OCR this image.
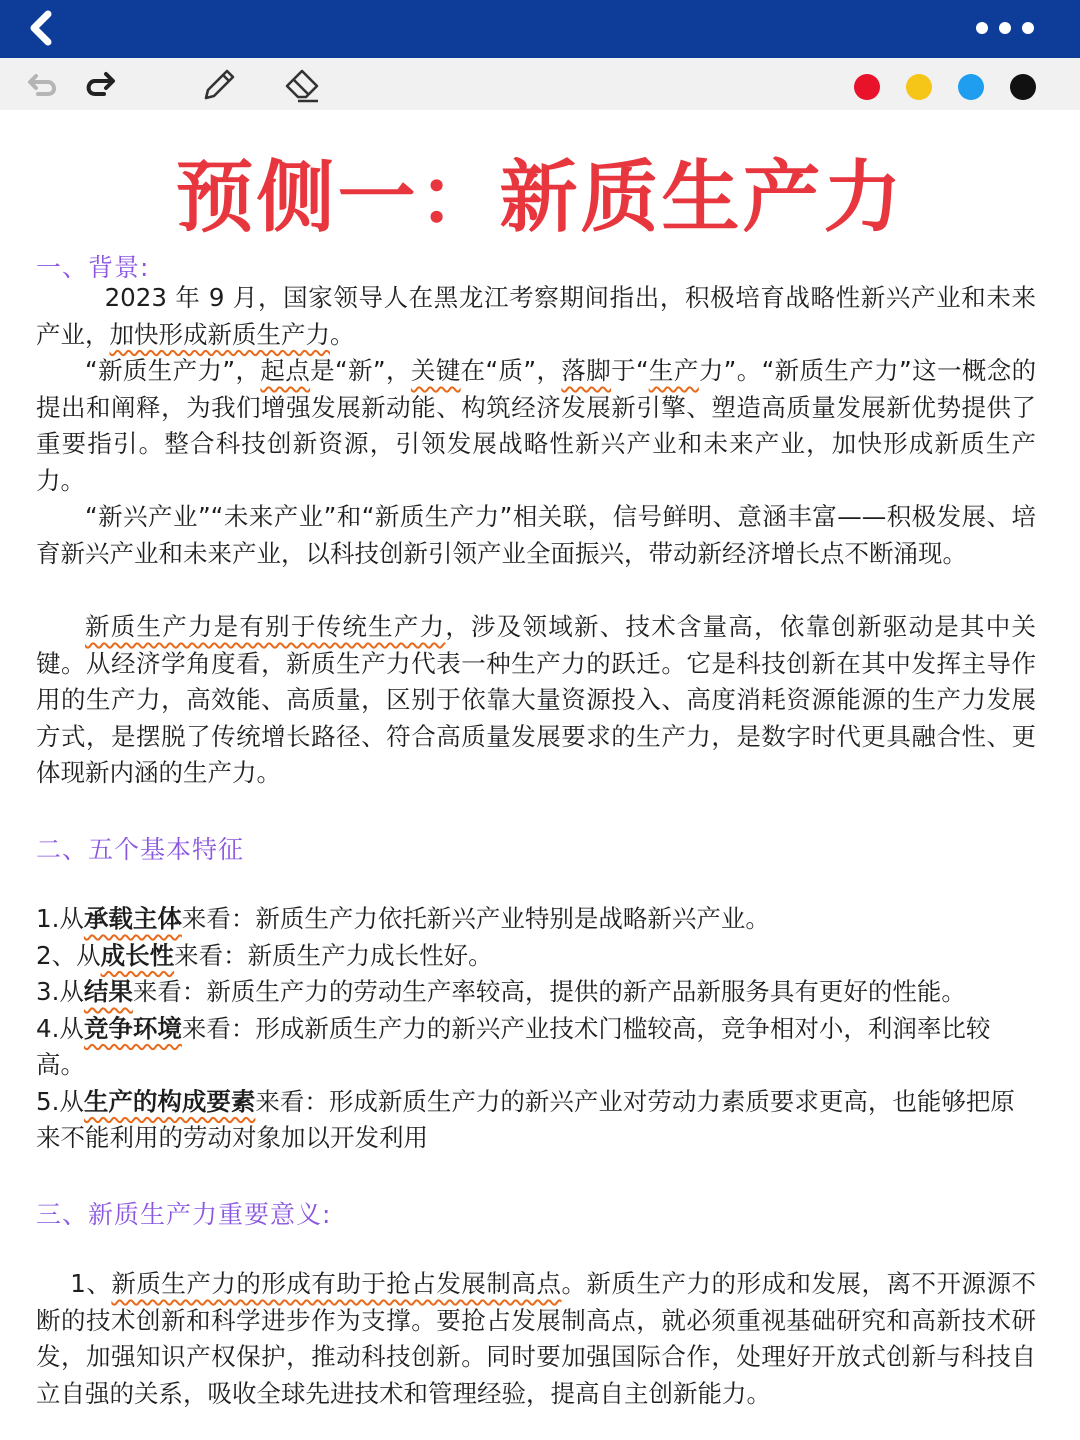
预侧一：新质生产力
一、背景:
2023 年 9 月，国家领导人在黑龙江考察期间指出，积极培育战略性新兴产业和未来产业，加快形成新质生产力。
“新质生产力”，起点是“新”，关键在“质”，落脚于“生产力”。“新质生产力”这一概念的提出和阐释，为我们增强发展新动能、构筑经济发展新引擎、塑造高质量发展新优势提供了重要指引。整合科技创新资源，引领发展战略性新兴产业和未来产业，加快形成新质生产力。
“新兴产业”“未来产业”和“新质生产力”相关联，信号鲜明、意涵丰富——积极发展、培育新兴产业和未来产业，以科技创新引领产业全面振兴，带动新经济增长点不断涌现。
新质生产力是有别于传统生产力，涉及领域新、技术含量高，依靠创新驱动是其中关键。从经济学角度看，新质生产力代表一种生产力的跃迁。它是科技创新在其中发挥主导作用的生产力，高效能、高质量，区别于依靠大量资源投入、高度消耗资源能源的生产力发展方式，是摆脱了传统增长路径、符合高质量发展要求的生产力，是数字时代更具融合性、更体现新内涵的生产力。
二、五个基本特征
1.从承载主体来看：新质生产力依托新兴产业特别是战略新兴产业。
2、从成长性来看：新质生产力成长性好。
3.从结果来看：新质生产力的劳动生产率较高，提供的新产品新服务具有更好的性能。
4.从竞争环境来看：形成新质生产力的新兴产业技术门槛较高，竞争相对小，利润率比较高。
5.从生产的构成要素来看：形成新质生产力的新兴产业对劳动力素质要求更高，也能够把原来不能利用的劳动对象加以开发利用
三、新质生产力重要意义:
1、新质生产力的形成有助于抢占发展制高点。新质生产力的形成和发展，离不开源源不断的技术创新和科学进步作为支撑。要抢占发展制高点，就必须重视基础研究和高新技术研发，加强知识产权保护，推动科技创新。同时要加强国际合作，处理好开放式创新与科技自立自强的关系，吸收全球先进技术和管理经验，提高自主创新能力。
